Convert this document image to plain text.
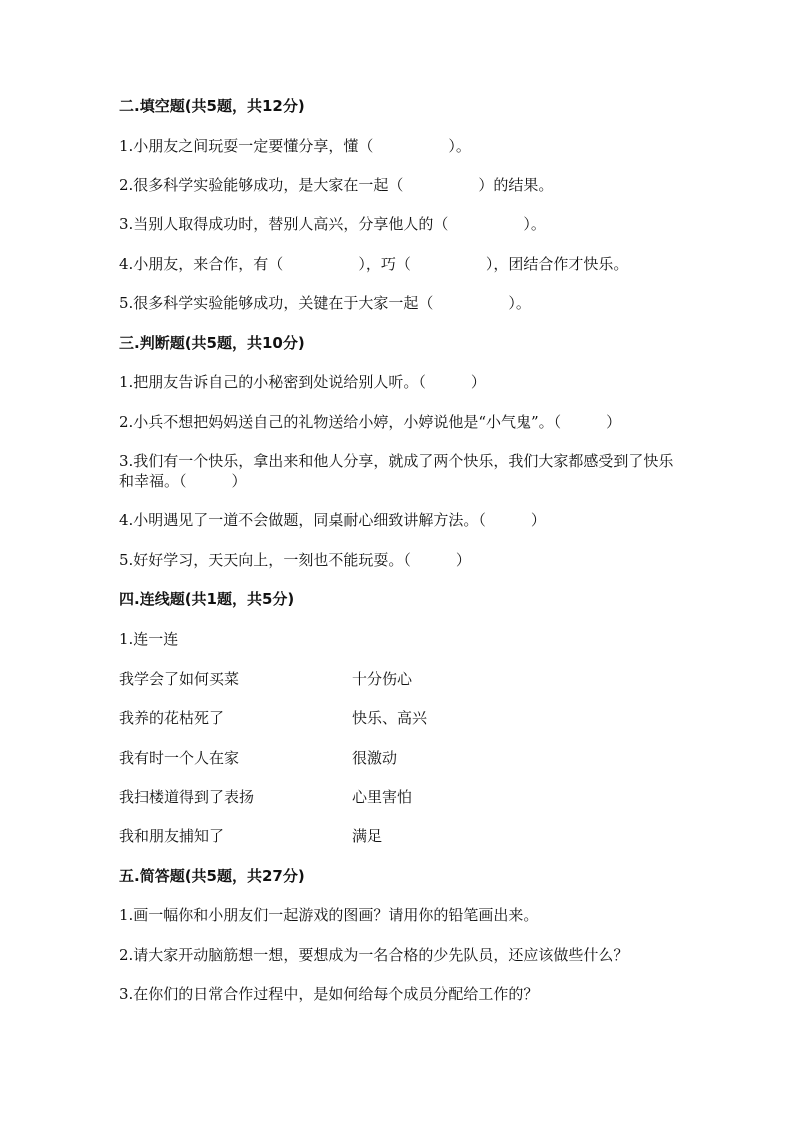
二.填空题(共5题，共12分)
1.小朋友之间玩耍一定要懂分享，懂（　　　　　）。
2.很多科学实验能够成功，是大家在一起（　　　　　）的结果。
3.当别人取得成功时，替别人高兴，分享他人的（　　　　　）。
4.小朋友，来合作，有（　　　　　），巧（　　　　　），团结合作才快乐。
5.很多科学实验能够成功，关键在于大家一起（　　　　　）。
三.判断题(共5题，共10分)
1.把朋友告诉自己的小秘密到处说给别人听。（　　　）
2.小兵不想把妈妈送自己的礼物送给小婷，小婷说他是“小气鬼”。（　　　）
3.我们有一个快乐，拿出来和他人分享，就成了两个快乐，我们大家都感受到了快乐和幸福。（　　　）
4.小明遇见了一道不会做题，同桌耐心细致讲解方法。（　　　）
5.好好学习，天天向上，一刻也不能玩耍。（　　　）
四.连线题(共1题，共5分)
1.连一连
我学会了如何买菜	十分伤心
我养的花枯死了	快乐、高兴
我有时一个人在家	很激动
我扫楼道得到了表扬	心里害怕
我和朋友捕知了	满足
五.简答题(共5题，共27分)
1.画一幅你和小朋友们一起游戏的图画？请用你的铅笔画出来。
2.请大家开动脑筋想一想，要想成为一名合格的少先队员，还应该做些什么？
3.在你们的日常合作过程中，是如何给每个成员分配给工作的？
